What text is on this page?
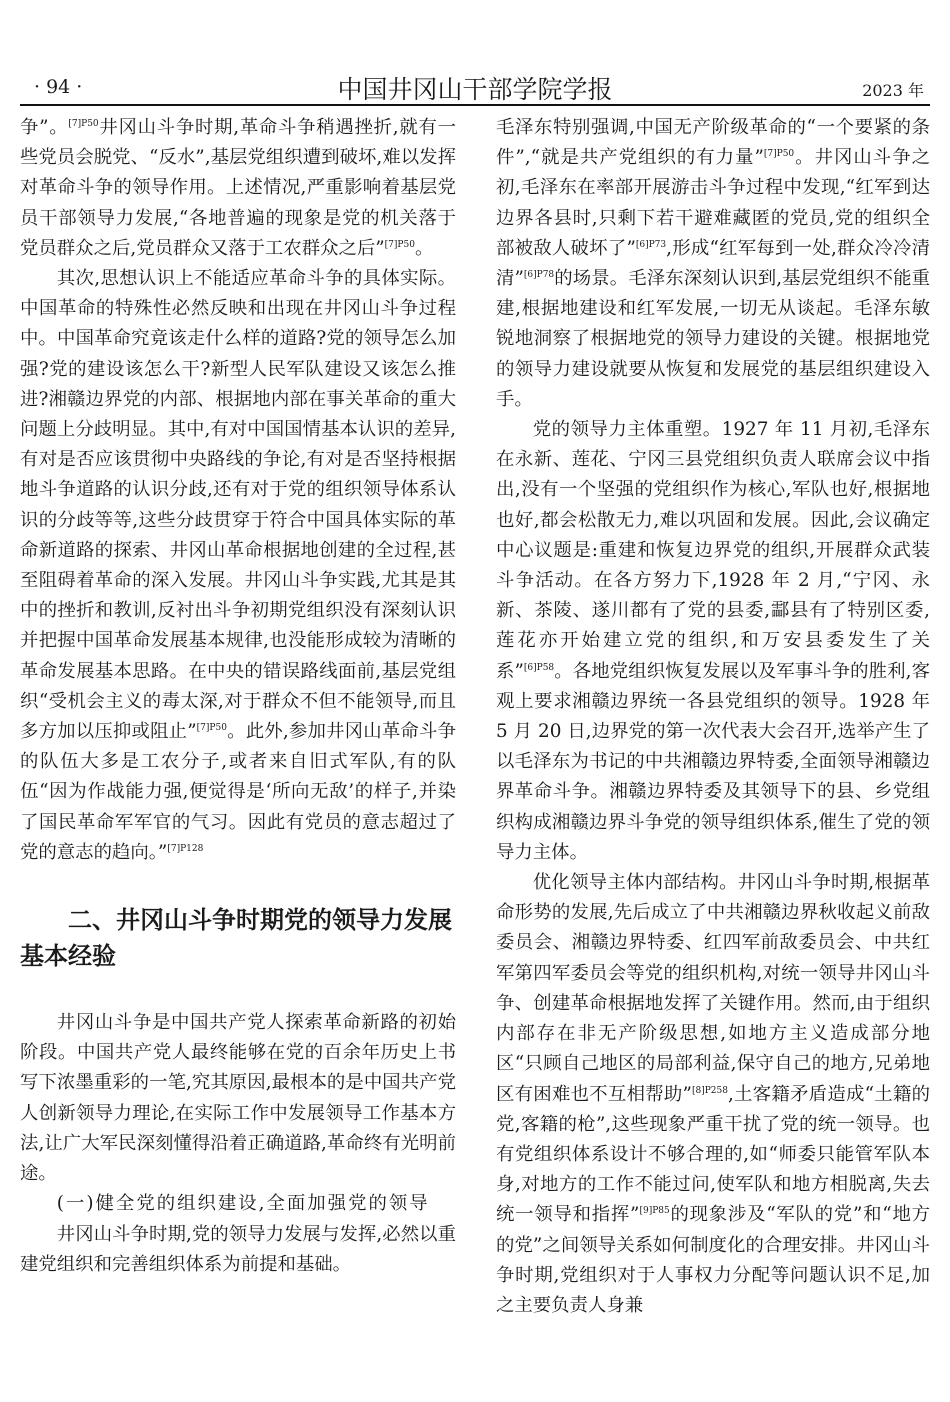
· 94 ·	中国井冈山干部学院学报	2023 年

争”。$^{[7]P50}$井冈山斗争时期,革命斗争稍遇挫折,就有一些党员会脱党、“反水”,基层党组织遭到破坏,难以发挥对革命斗争的领导作用。上述情况,严重影响着基层党员干部领导力发展,“各地普遍的现象是党的机关落于党员群众之后,党员群众又落于工农群众之后”$^{[7]P50}$。

其次,思想认识上不能适应革命斗争的具体实际。中国革命的特殊性必然反映和出现在井冈山斗争过程中。中国革命究竟该走什么样的道路?党的领导怎么加强?党的建设该怎么干?新型人民军队建设又该怎么推进?湘赣边界党的内部、根据地内部在事关革命的重大问题上分歧明显。其中,有对中国国情基本认识的差异,有对是否应该贯彻中央路线的争论,有对是否坚持根据地斗争道路的认识分歧,还有对于党的组织领导体系认识的分歧等等,这些分歧贯穿于符合中国具体实际的革命新道路的探索、井冈山革命根据地创建的全过程,甚至阻碍着革命的深入发展。井冈山斗争实践,尤其是其中的挫折和教训,反衬出斗争初期党组织没有深刻认识并把握中国革命发展基本规律,也没能形成较为清晰的革命发展基本思路。在中央的错误路线面前,基层党组织“受机会主义的毒太深,对于群众不但不能领导,而且多方加以压抑或阻止”$^{[7]P50}$。此外,参加井冈山革命斗争的队伍大多是工农分子,或者来自旧式军队,有的队伍“因为作战能力强,便觉得是‘所向无敌’的样子,并染了国民革命军军官的气习。因此有党员的意志超过了党的意志的趋向。”$^{[7]P128}$

二、井冈山斗争时期党的领导力发展基本经验

井冈山斗争是中国共产党人探索革命新路的初始阶段。中国共产党人最终能够在党的百余年历史上书写下浓墨重彩的一笔,究其原因,最根本的是中国共产党人创新领导力理论,在实际工作中发展领导工作基本方法,让广大军民深刻懂得沿着正确道路,革命终有光明前途。

(一)健全党的组织建设,全面加强党的领导

井冈山斗争时期,党的领导力发展与发挥,必然以重建党组织和完善组织体系为前提和基础。

毛泽东特别强调,中国无产阶级革命的“一个要紧的条件”,“就是共产党组织的有力量”$^{[7]P50}$。井冈山斗争之初,毛泽东在率部开展游击斗争过程中发现,“红军到达边界各县时,只剩下若干避难藏匿的党员,党的组织全部被敌人破坏了”$^{[6]P73}$,形成“红军每到一处,群众冷冷清清”$^{[6]P78}$的场景。毛泽东深刻认识到,基层党组织不能重建,根据地建设和红军发展,一切无从谈起。毛泽东敏锐地洞察了根据地党的领导力建设的关键。根据地党的领导力建设就要从恢复和发展党的基层组织建设入手。

党的领导力主体重塑。1927 年 11 月初,毛泽东在永新、莲花、宁冈三县党组织负责人联席会议中指出,没有一个坚强的党组织作为核心,军队也好,根据地也好,都会松散无力,难以巩固和发展。因此,会议确定中心议题是:重建和恢复边界党的组织,开展群众武装斗争活动。在各方努力下,1928 年 2 月,“宁冈、永新、茶陵、遂川都有了党的县委,酃县有了特别区委,莲花亦开始建立党的组织,和万安县委发生了关系”$^{[6]P58}$。各地党组织恢复发展以及军事斗争的胜利,客观上要求湘赣边界统一各县党组织的领导。1928 年 5 月 20 日,边界党的第一次代表大会召开,选举产生了以毛泽东为书记的中共湘赣边界特委,全面领导湘赣边界革命斗争。湘赣边界特委及其领导下的县、乡党组织构成湘赣边界斗争党的领导组织体系,催生了党的领导力主体。

优化领导主体内部结构。井冈山斗争时期,根据革命形势的发展,先后成立了中共湘赣边界秋收起义前敌委员会、湘赣边界特委、红四军前敌委员会、中共红军第四军委员会等党的组织机构,对统一领导井冈山斗争、创建革命根据地发挥了关键作用。然而,由于组织内部存在非无产阶级思想,如地方主义造成部分地区“只顾自己地区的局部利益,保守自己的地方,兄弟地区有困难也不互相帮助”$^{[8]P258}$,土客籍矛盾造成“土籍的党,客籍的枪”,这些现象严重干扰了党的统一领导。也有党组织体系设计不够合理的,如“师委只能管军队本身,对地方的工作不能过问,使军队和地方相脱离,失去统一领导和指挥”$^{[9]P85}$的现象涉及“军队的党”和“地方的党”之间领导关系如何制度化的合理安排。井冈山斗争时期,党组织对于人事权力分配等问题认识不足,加之主要负责人身兼
